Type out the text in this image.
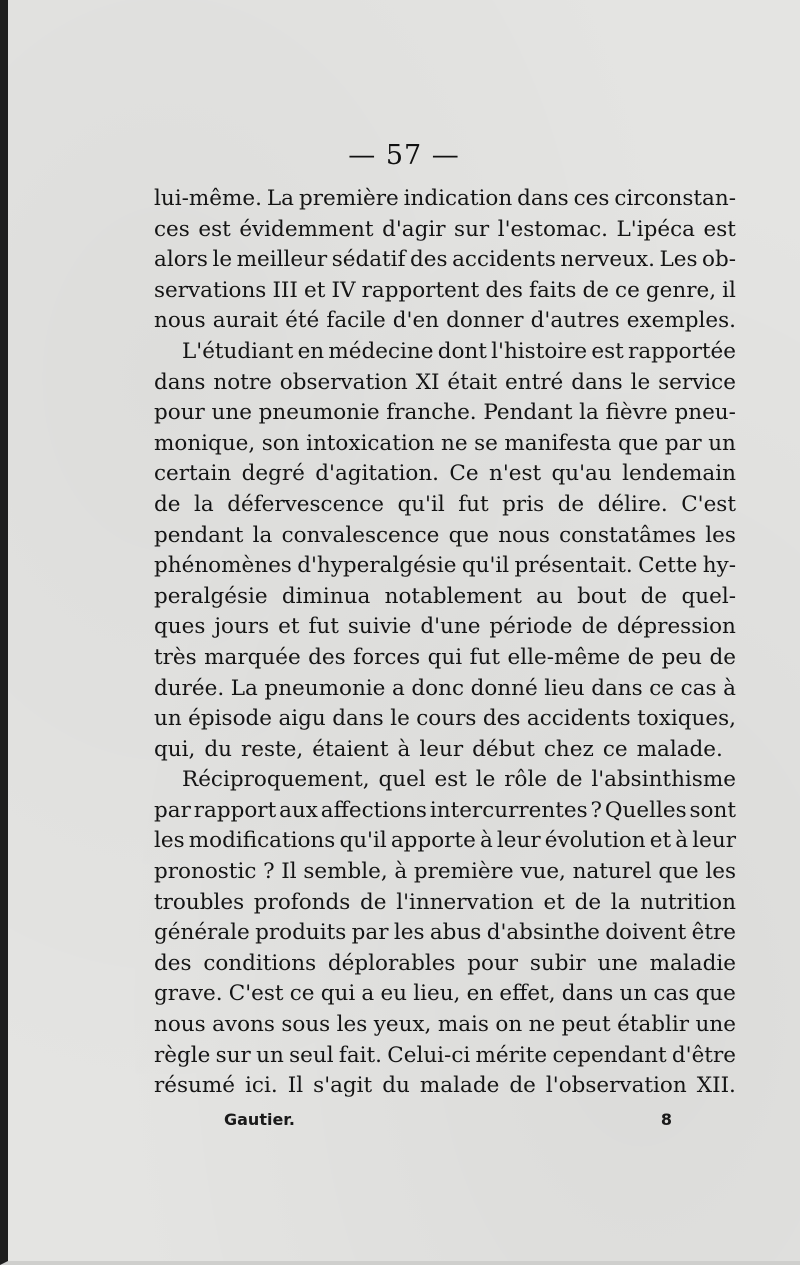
— 57 —

lui-même. La première indication dans ces circonstan-
ces est évidemment d'agir sur l'estomac. L'ipéca est
alors le meilleur sédatif des accidents nerveux. Les ob-
servations III et IV rapportent des faits de ce genre, il
nous aurait été facile d'en donner d'autres exemples.
L'étudiant en médecine dont l'histoire est rapportée
dans notre observation XI était entré dans le service
pour une pneumonie franche. Pendant la fièvre pneu-
monique, son intoxication ne se manifesta que par un
certain degré d'agitation. Ce n'est qu'au lendemain
de la défervescence qu'il fut pris de délire. C'est
pendant la convalescence que nous constatâmes les
phénomènes d'hyperalgésie qu'il présentait. Cette hy-
peralgésie diminua notablement au bout de quel-
ques jours et fut suivie d'une période de dépression
très marquée des forces qui fut elle-même de peu de
durée. La pneumonie a donc donné lieu dans ce cas à
un épisode aigu dans le cours des accidents toxiques,
qui, du reste, étaient à leur début chez ce malade.
Réciproquement, quel est le rôle de l'absinthisme
par rapport aux affections intercurrentes ? Quelles sont
les modifications qu'il apporte à leur évolution et à leur
pronostic ? Il semble, à première vue, naturel que les
troubles profonds de l'innervation et de la nutrition
générale produits par les abus d'absinthe doivent être
des conditions déplorables pour subir une maladie
grave. C'est ce qui a eu lieu, en effet, dans un cas que
nous avons sous les yeux, mais on ne peut établir une
règle sur un seul fait. Celui-ci mérite cependant d'être
résumé ici. Il s'agit du malade de l'observation XII.
Gautier.	8
